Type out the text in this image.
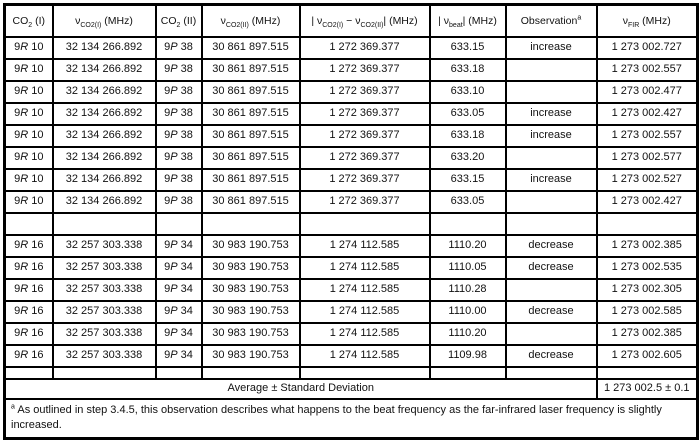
$CO_2$ (I)	$\nu_{CO2(I)}$ (MHz)	$CO_2$ (II)	$\nu_{CO2(II)}$ (MHz)	| $\nu_{CO2(I)} - \nu_{CO2(II)}|$ (MHz)	| $\nu_{beat}|$ (MHz)	Observation$^a$	$\nu_{FIR}$ (MHz)
9R 10	32 134 266.892	9P 38	30 861 897.515	1 272 369.377	633.15	increase	1 273 002.727
9R 10	32 134 266.892	9P 38	30 861 897.515	1 272 369.377	633.18		1 273 002.557
9R 10	32 134 266.892	9P 38	30 861 897.515	1 272 369.377	633.10		1 273 002.477
9R 10	32 134 266.892	9P 38	30 861 897.515	1 272 369.377	633.05	increase	1 273 002.427
9R 10	32 134 266.892	9P 38	30 861 897.515	1 272 369.377	633.18	increase	1 273 002.557
9R 10	32 134 266.892	9P 38	30 861 897.515	1 272 369.377	633.20		1 273 002.577
9R 10	32 134 266.892	9P 38	30 861 897.515	1 272 369.377	633.15	increase	1 273 002.527
9R 10	32 134 266.892	9P 38	30 861 897.515	1 272 369.377	633.05		1 273 002.427

9R 16	32 257 303.338	9P 34	30 983 190.753	1 274 112.585	1110.20	decrease	1 273 002.385
9R 16	32 257 303.338	9P 34	30 983 190.753	1 274 112.585	1110.05	decrease	1 273 002.535
9R 16	32 257 303.338	9P 34	30 983 190.753	1 274 112.585	1110.28		1 273 002.305
9R 16	32 257 303.338	9P 34	30 983 190.753	1 274 112.585	1110.00	decrease	1 273 002.585
9R 16	32 257 303.338	9P 34	30 983 190.753	1 274 112.585	1110.20		1 273 002.385
9R 16	32 257 303.338	9P 34	30 983 190.753	1 274 112.585	1109.98	decrease	1 273 002.605

Average ± Standard Deviation							1 273 002.5 ± 0.1
$^a$ As outlined in step 3.4.5, this observation describes what happens to the beat frequency as the far-infrared laser frequency is slightly increased.							
